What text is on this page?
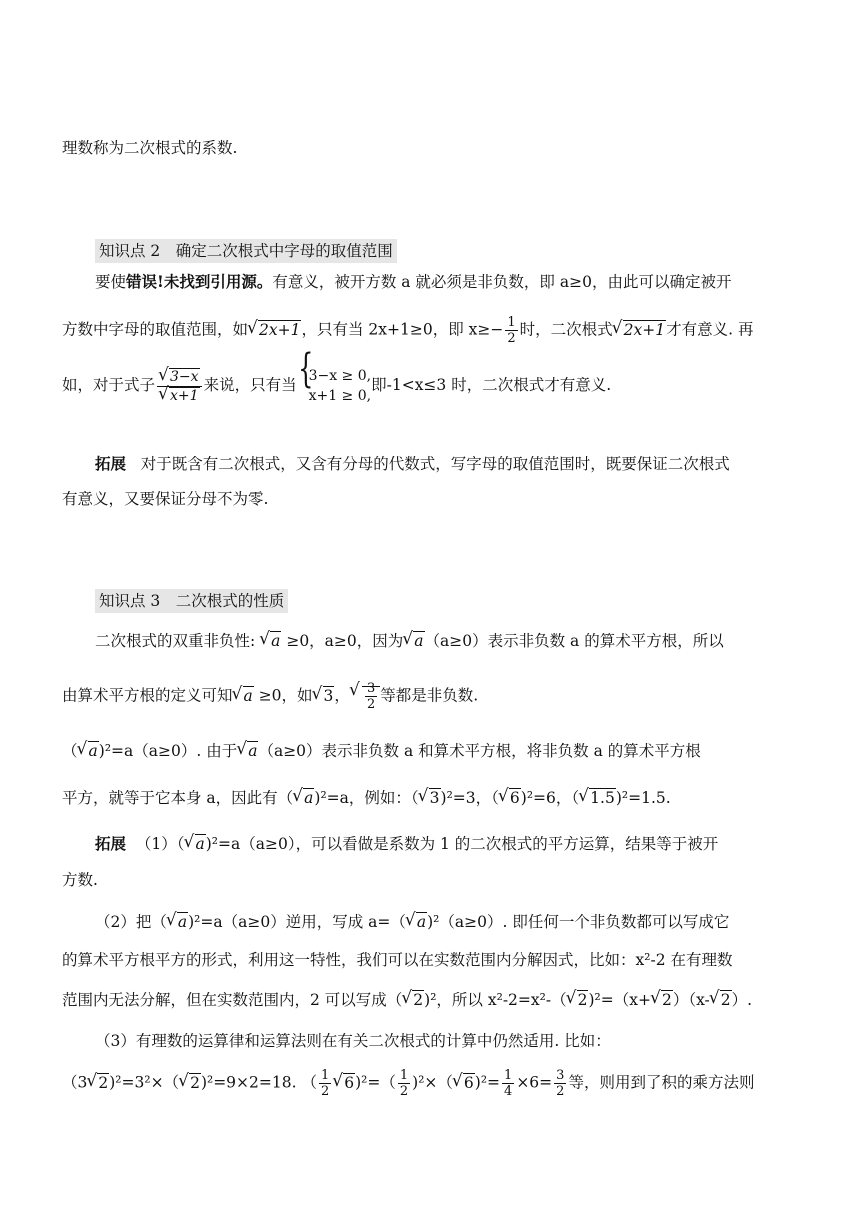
理数称为二次根式的系数.
知识点 2　确定二次根式中字母的取值范围
要使错误!未找到引用源。有意义，被开方数 a 就必须是非负数，即 a≥0，由此可以确定被开
方数中字母的取值范围，如√ 2x+1，只有当 2x+1≥0，即 $x\ge- \frac{1}{2}$ 时，二次根式√ 2x+1才有意义. 再
如，对于式子
√ 3−x
√ x+1 来说，只有当 {
3−x ≥ 0,
x+1 ≥ 0,
即-1<x≤3 时，二次根式才有意义.
拓展 对于既含有二次根式，又含有分母的代数式，写字母的取值范围时，既要保证二次根式
有意义，又要保证分母不为零.
知识点 3　二次根式的性质
二次根式的双重非负性: √ a ≥0，a≥0，因为√ a（a≥0）表示非负数 a 的算术平方根，所以
由算术平方根的定义可知√ a ≥0，如√ 3，
√ $\frac{3}{2}$ 等都是非负数.
（√ a)²=a（a≥0）. 由于√ a（a≥0）表示非负数 a 和算术平方根，将非负数 a 的算术平方根
平方，就等于它本身 a，因此有（√ a)²=a，例如：（√ 3)²=3，（√ 6)²=6，（√ 1.5)²=1.5.
拓展 （1）（√ a)²=a（a≥0），可以看做是系数为 1 的二次根式的平方运算，结果等于被开
方数.
（2）把（√ a)²=a（a≥0）逆用，写成 a=（√ a)²（a≥0）. 即任何一个非负数都可以写成它
的算术平方根平方的形式，利用这一特性，我们可以在实数范围内分解因式，比如：x²-2 在有理数
范围内无法分解，但在实数范围内，2 可以写成（√ 2)²，所以 x²-2=x²-（√ 2)²=（x+√ 2）（x-√ 2）.
（3）有理数的运算律和运算法则在有关二次根式的计算中仍然适用. 比如：
（3√ 2)²=3²×（√ 2)²=9×2=18. （ $\frac{1}{2}$
√ $6)^2=( \frac{1}{2} )^2\times(√$ $6)^2= \frac{1}{4} \times 6= \frac{3}{2}$ 等，则用到了积的乘方法则
